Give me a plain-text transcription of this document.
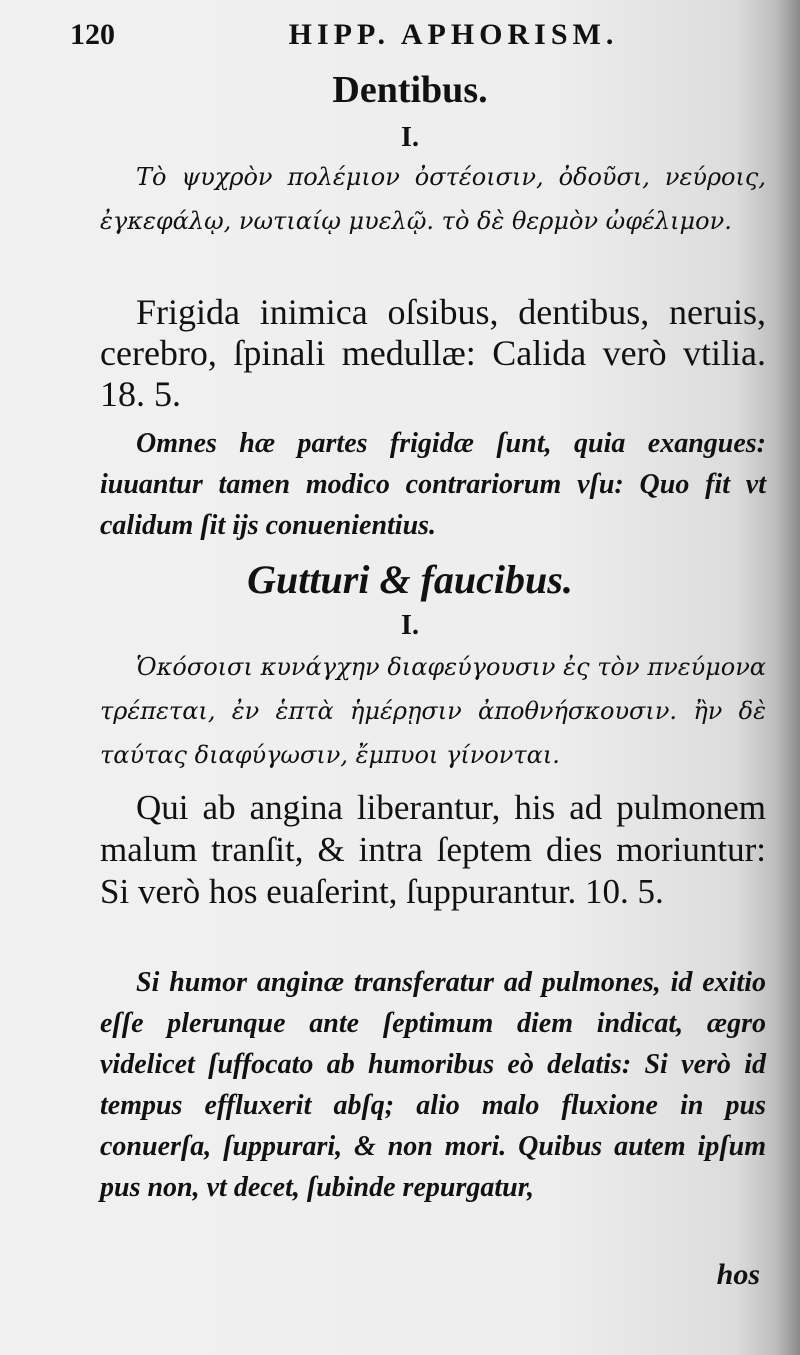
120	HIPP. APHORISM.
Dentibus.
I.
Τὸ ψυχρὸν πολέμιον ὀστέοισιν, ὀδοῦσι, νεύροις, ἐγκεφάλῳ, νωτιαίῳ μυελῷ. τὸ δὲ θερμὸν ὠφέλιμον.
Frigida inimica oſsibus, dentibus, neruis, cerebro, ſpinali medullæ: Calida verò vtilia. 18. 5.
Omnes hæ partes frigidæ ſunt, quia exangues: iuuantur tamen modico contrariorum vſu: Quo fit vt calidum ſit ijs conuenientius.
Gutturi & faucibus.
I.
Ὁκόσοισι κυνάγχην διαφεύγουσιν ἐς τὸν πνεύμονα τρέπεται, ἐν ἑπτὰ ἡμέρῃσιν ἀποθνήσκουσιν. ἢν δὲ ταύτας διαφύγωσιν, ἔμπυοι γίνονται.
Qui ab angina liberantur, his ad pulmonem malum tranſit, & intra ſeptem dies moriuntur: Si verò hos euaſerint, ſuppurantur. 10. 5.
Si humor anginæ transferatur ad pulmones, id exitio eſſe plerunque ante ſeptimum diem indicat, ægro videlicet ſuffocato ab humoribus eò delatis: Si verò id tempus effluxerit abſq; alio malo fluxione in pus conuerſa, ſuppurari, & non mori. Quibus autem ipſum pus non, vt decet, ſubinde repurgatur,
hos
